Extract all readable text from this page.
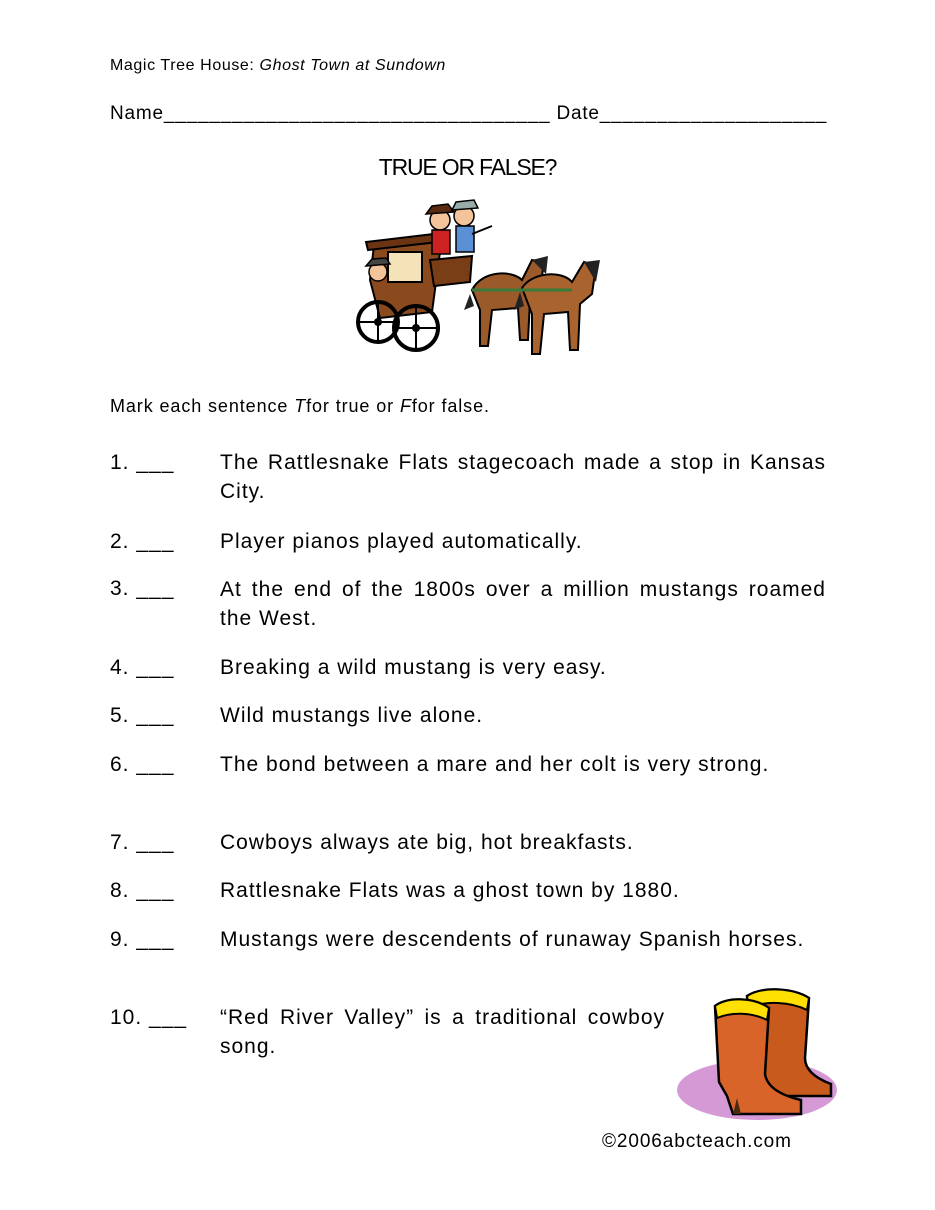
Magic Tree House: Ghost Town at Sundown
Name__________________________________ Date____________________
TRUE OR FALSE?
Mark each sentence Tfor true or Ffor false.
1. ___ The Rattlesnake Flats stagecoach made a stop in Kansas City.
2. ___ Player pianos played automatically.
3. ___ At the end of the 1800s over a million mustangs roamed the West.
4. ___ Breaking a wild mustang is very easy.
5. ___ Wild mustangs live alone.
6. ___ The bond between a mare and her colt is very strong.
7. ___ Cowboys always ate big, hot breakfasts.
8. ___ Rattlesnake Flats was a ghost town by 1880.
9. ___ Mustangs were descendents of runaway Spanish horses.
10. ___ “Red River Valley” is a traditional cowboy song.
©2006abcteach.com
